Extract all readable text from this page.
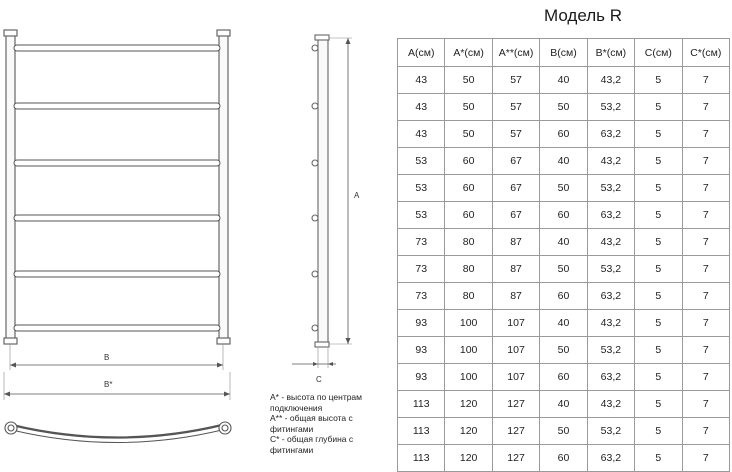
B
B*
A
C
Модель R
A* - высота по центрам подключения
A** - общая высота с фитингами
C* - общая глубина с фитингами
A(см)	A*(см)	A**(см)	B(см)	B*(см)	C(см)	C*(см)
43	50	57	40	43,2	5	7
43	50	57	50	53,2	5	7
43	50	57	60	63,2	5	7
53	60	67	40	43,2	5	7
53	60	67	50	53,2	5	7
53	60	67	60	63,2	5	7
73	80	87	40	43,2	5	7
73	80	87	50	53,2	5	7
73	80	87	60	63,2	5	7
93	100	107	40	43,2	5	7
93	100	107	50	53,2	5	7
93	100	107	60	63,2	5	7
113	120	127	40	43,2	5	7
113	120	127	50	53,2	5	7
113	120	127	60	63,2	5	7
